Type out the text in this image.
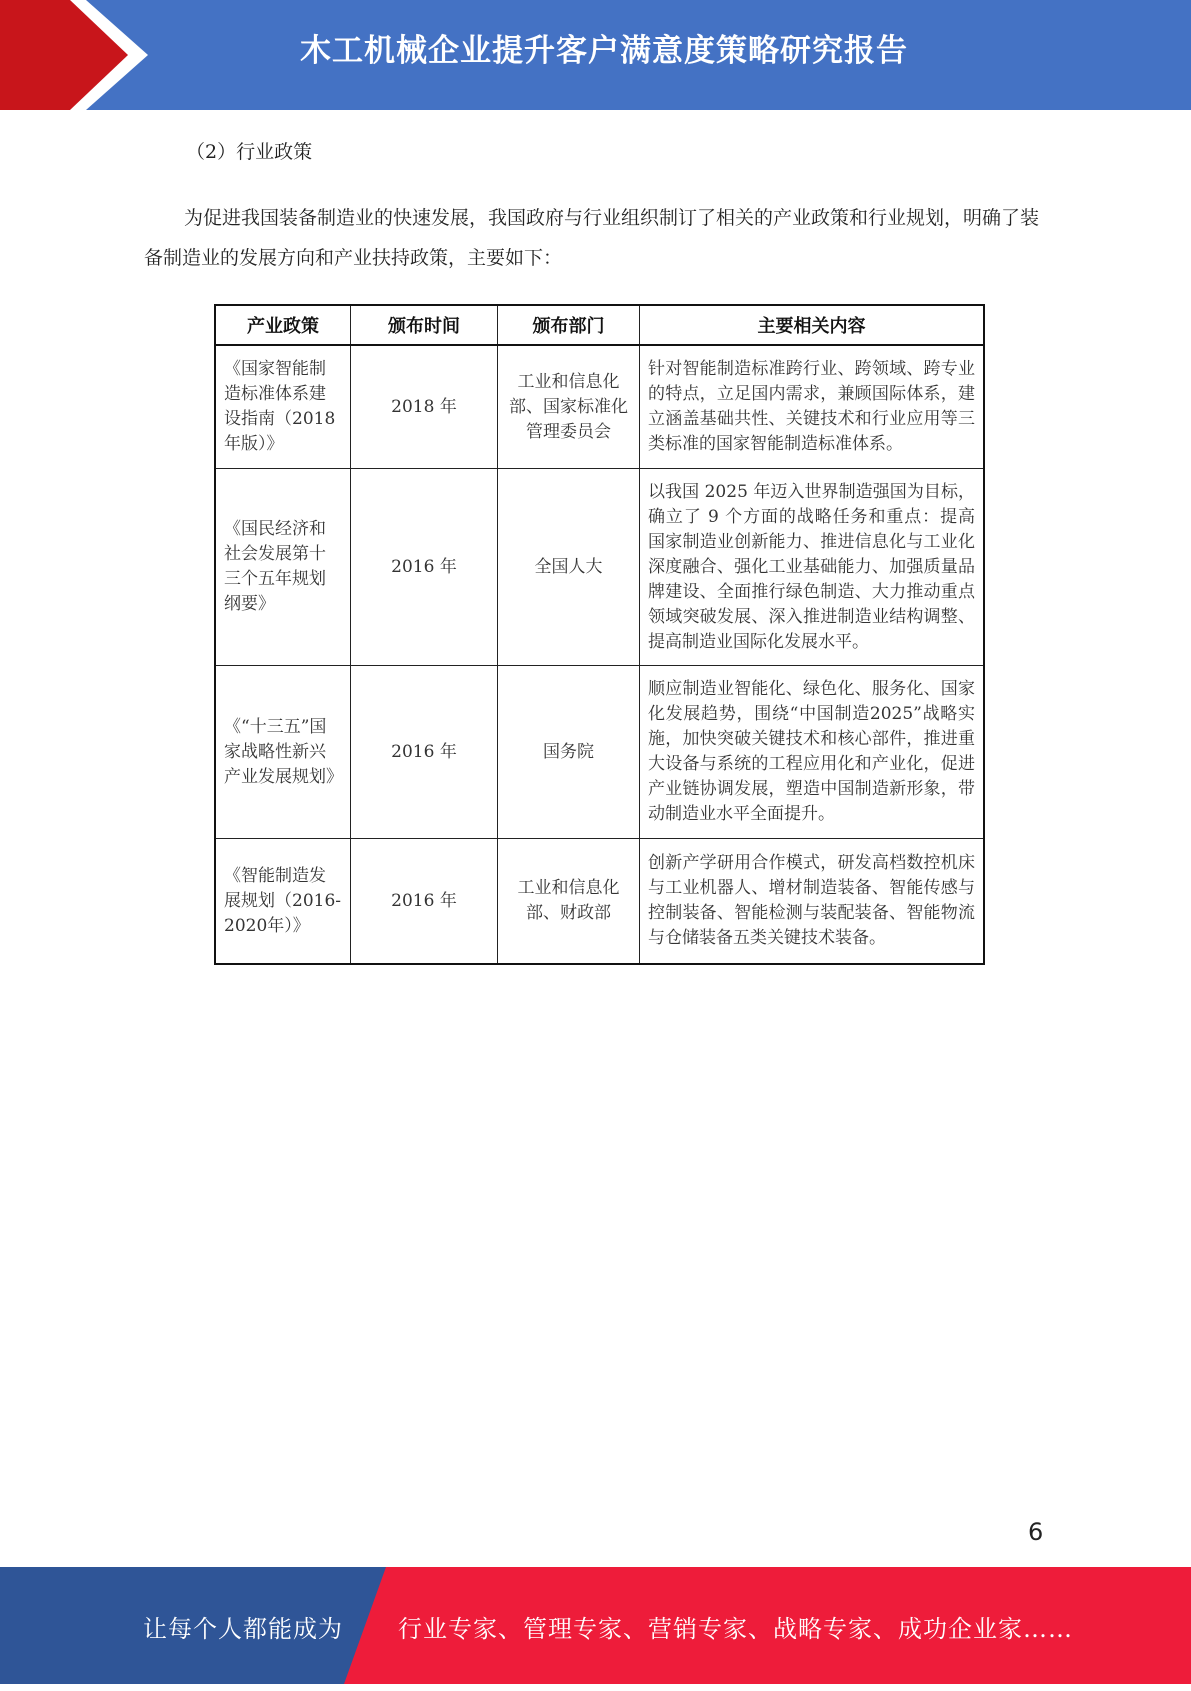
木工机械企业提升客户满意度策略研究报告
（2）行业政策
为促进我国装备制造业的快速发展，我国政府与行业组织制订了相关的产业政策和行业规划，明确了装备制造业的发展方向和产业扶持政策，主要如下：
产业政策	颁布时间	颁布部门	主要相关内容
《国家智能制造标准体系建设指南（2018年版）》	2018 年	工业和信息化部、国家标准化管理委员会	针对智能制造标准跨行业、跨领域、跨专业的特点，立足国内需求，兼顾国际体系，建立涵盖基础共性、关键技术和行业应用等三类标准的国家智能制造标准体系。
《国民经济和社会发展第十三个五年规划纲要》	2016 年	全国人大	以我国 2025 年迈入世界制造强国为目标，确立了 9 个方面的战略任务和重点：提高国家制造业创新能力、推进信息化与工业化深度融合、强化工业基础能力、加强质量品牌建设、全面推行绿色制造、大力推动重点领域突破发展、深入推进制造业结构调整、提高制造业国际化发展水平。
《“十三五”国家战略性新兴产业发展规划》	2016 年	国务院	顺应制造业智能化、绿色化、服务化、国家化发展趋势，围绕“中国制造2025”战略实施，加快突破关键技术和核心部件，推进重大设备与系统的工程应用化和产业化，促进产业链协调发展，塑造中国制造新形象，带动制造业水平全面提升。
《智能制造发展规划（2016-2020年）》	2016 年	工业和信息化部、财政部	创新产学研用合作模式，研发高档数控机床与工业机器人、增材制造装备、智能传感与控制装备、智能检测与装配装备、智能物流与仓储装备五类关键技术装备。
6
让每个人都能成为 行业专家、管理专家、营销专家、战略专家、成功企业家……
